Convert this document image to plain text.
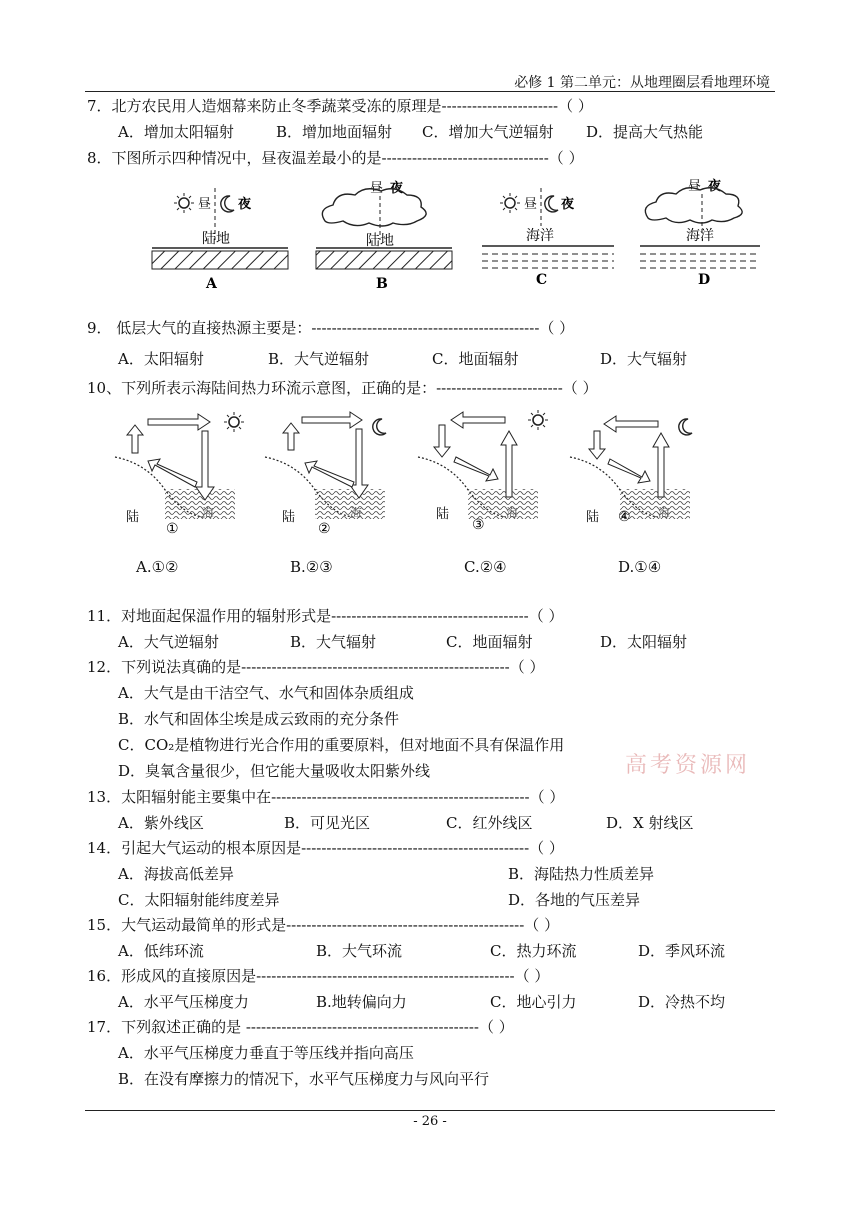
必修 1 第二单元：从地理圈层看地理环境
7．北方农民用人造烟幕来防止冬季蔬菜受冻的原理是-----------------------（ ）
A．增加太阳辐射	B．增加地面辐射 C．增加大气逆辐射 D．提高大气热能
8．下图所示四种情况中，昼夜温差最小的是---------------------------------（ ）
昼 夜
陆地
A
昼 夜
陆地
B
昼 夜
海洋
C
昼 夜
海洋
D
9． 低层大气的直接热源主要是：---------------------------------------------（ ）
A．太阳辐射	B．大气逆辐射	C．地面辐射	D．大气辐射
10、下列所表示海陆间热力环流示意图，正确的是：-------------------------（ ）
陆	海
①
陆	海
②
陆	海
③	陆	海
④
A.①②	B.②③	C.②④	D.①④
11．对地面起保温作用的辐射形式是---------------------------------------（ ）
A．大气逆辐射	B．大气辐射	C．地面辐射	D．太阳辐射
12．下列说法真确的是-----------------------------------------------------（ ）
A．大气是由干洁空气、水气和固体杂质组成
B．水气和固体尘埃是成云致雨的充分条件
C．CO₂是植物进行光合作用的重要原料，但对地面不具有保温作用
D．臭氧含量很少，但它能大量吸收太阳紫外线	高考资源网
13．太阳辐射能主要集中在---------------------------------------------------（ ）
A．紫外线区	B．可见光区	C．红外线区	D．X 射线区
14．引起大气运动的根本原因是---------------------------------------------（ ）
A．海拔高低差异	B．海陆热力性质差异
C．太阳辐射能纬度差异	D．各地的气压差异
15．大气运动最简单的形式是-----------------------------------------------（ ）
A．低纬环流	B．大气环流	C．热力环流	D．季风环流
16．形成风的直接原因是---------------------------------------------------（ ）
A．水平气压梯度力	B.地转偏向力	C．地心引力	D．冷热不均
17．下列叙述正确的是 ----------------------------------------------（ ）
A．水平气压梯度力垂直于等压线并指向高压
B．在没有摩擦力的情况下，水平气压梯度力与风向平行
- 26 -
